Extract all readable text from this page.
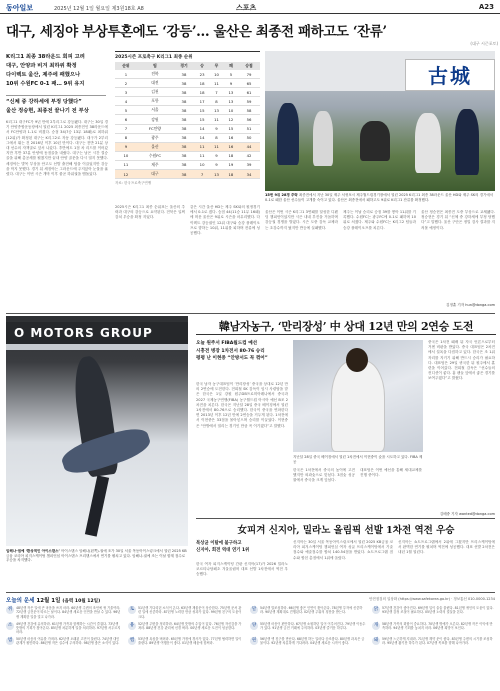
동아일보	2025년 12월 1일 월요일 제3원18호 A8	스포츠	A23
대구, 세징야 부상투혼에도 ‘강등’… 울산은 최종전 패하고도 ‘잔류’
(대구 시즌포토)
K리그1 최종 38라운드 회피 고려
대구, 안양과 비겨 최하위 확정
다이렉트 울산, 제주에 패했으나
10위 수원FC 0-1 패… 9위 유지
“신체 중 강하세에 부정 당했다”
울산 정승현, 최종전 끝나기 전 부상
K리그1 대구FC가 9년 만에 2부리그로 강등됐다. 대구는 30일 경기 안양종합운동장에서 열린 K리그1 2025 최종전인 38라운드에서 FC안양과 1-1로 비겼다. 승점 34(7승 13무 18패)로 최하위(12위)가 확정된 대구는 K리그2로 자동 강등됐다. 대구가 2부리그에서 뛰는 건 2016년 이후 10년 만이다. 대구는 전반 21분 상대 선수의 자책골로 앞서 나갔다. 후반에도 1점 차 리드를 이어갔지만 후반 37분 안양에 동점골을 내줬다. 대구는 남은 시간 결승골을 위해 총공세를 펼쳤지만 끝내 안양 골문을 다시 열지 못했다. 세징야는 발목 부상을 안고도 선발 출전해 팀을 이끌었지만 강등을 막지 못했다. 경기 뒤 세징야는 그라운드에 주저앉아 눈물을 흘렸다. 대구는 이번 시즌 개막 이후 줄곧 하위권을 맴돌았다.
2025시즌 프로축구 K리그1 최종 순위
순위	팀	경기	승	무	패	승점
1	전북	38	23	10	5	79
2	대전	38	18	11	9	65
3	김천	38	18	7	13	61
4	포항	38	17	8	13	59
5	서울	38	15	13	10	58
6	강원	38	15	11	12	56
7	FC안양	38	14	9	15	51
8	광주	38	14	8	16	50
9	울산	38	11	11	16	44
10	수원FC	38	11	9	18	42
11	제주	38	10	9	19	39
12	대구	38	7	13	18	34
자료: 한국프로축구연맹
2025시즌 K리그1 최종 순위표는 울산의 추락과 대구의 강등으로 요약된다. 전북은 일찌감치 우승을 확정 지었다.
같은 시간 울산 HD는 제주 SK와의 원정경기에서 0-1로 졌다. 승점 44(11승 11무 16패)에 머문 울산은 9위로 시즌을 마무리했다. 다이렉트 강등권인 12위 대구와 승강 플레이오프로 향하는 10위, 11위를 피하며 잔류에 성공했다.
古城
15번 9위 28경 추락 최종전에서 지난 30일 제주 서귀포시 제주월드컵경기장에서 열린 2025 K리그1 최종 38라운드 울산 HD와 제주 SK의 경기에서 0-1로 패한 울산 선수들이 고개를 숙이고 있다. 울산은 최종전에서 패하고도 9위로 K리그1 잔류를 확정했다.
울산은 이번 시즌 K리그1 3연패를 달성한 디펜딩 챔피언이었지만 시즌 내내 부진을 거듭하며 강등권 경쟁을 벌였다. 시즌 도중 감독 교체라는 초강수까지 뒀지만 반등에 실패했다.
제주는 이날 승리로 승점 39를 쌓아 11위를 기록했다. 수원FC는 광주FC에 0-1로 패하며 10위로 처졌다. 제주와 수원FC는 K리그2 팀들과 승강 플레이오프를 치른다.
울산 정승현은 최종전 도중 부상으로 교체됐다. 정승현은 경기 뒤 “신체 중 강하세에 부정 당했다”고 말했다. 울산 구단은 정밀 검사 결과를 지켜볼 예정이다.
김정훈 기자 hun@donga.com
O MOTORS GROUP
임해나-권예 ‘환상적인 아이스댄스’ 아이스댄스 임해나(왼쪽)-권예 조가 30일 서울 목동아이스링크에서 열린 2025 KB금융 코리아 피겨스케이팅 챔피언십 아이스댄스 프리댄스에서 연기를 펼치고 있다. 임해나-권예 조는 이날 합계 점수로 우승을 차지했다.
韓남자농구, ‘만리장성’ 中 상대 12년 만의 2연승 도전
오늘 원주서 FIBA월드컵 예선
시흥전 병장 1차전서 80-76 승리
평평 난 이현중 “안방서도 꼭 꺾어”
한국 남자 농구대표팀이 ‘만리장성’ 중국을 상대로 12년 만의 2연승에 도전한다. 전희철 SK 감독이 임시 사령탑을 맡은 한국은 1일 강원 원주DB프로미아레나에서 중국과 2027 국제농구연맹(FIBA) 농구월드컵 아시아 예선 B조 2차전을 치른다. 한국은 지난달 28일 중국 베이징에서 열린 1차전에서 80-76으로 승리했다. 한국이 중국을 연파한다면 2013년 이후 12년 만에 2연승을 거두게 된다. 1차전에서 이현중은 33점을 몰아넣으며 승리를 이끌었다. 이현중은 “안방에서 열리는 경기인 만큼 꼭 이기겠다”고 말했다.
지난달 28일 중국 베이징에서 열린 1차전에서 이현중이 슛을 시도하고 있다. FIBA 제공
중국은 1차전 패배 뒤 자국 언론으로부터 거센 비판을 받았다. 중국 대표팀은 2차전에서 설욕을 다짐하고 있다. 한국은 조 1위 자리를 지키기 위해 반드시 승리가 필요하다. 대표팀은 29일 귀국한 뒤 원주에서 훈련을 이어갔다. 전희철 감독은 “선수들의 컨디션이 좋다. 홈 팬들 앞에서 좋은 경기를 보여주겠다”고 밝혔다.
한국은 1차전에서 중국의 높이에 고전했지만 외곽슛으로 맞섰다. 3점슛 성공률에서 중국을 크게 앞섰다.
대표팀은 이번 예선을 통해 세대교체를 진행 중이다.
김배중 기자 wanted@donga.com
女피겨 신지아, 밀라노 올림픽 선발 1차전 역전 우승
북상균 이탈에 불구하고
신지아, 회전 역대 연기 1위
한국 여자 피겨스케이팅 간판 신지아(17)가 2026 밀라노 코르티나담페초 겨울올림픽 대표 선발 1차전에서 역전 우승했다.
신지아는 30일 서울 목동아이스링크에서 열린 2025 KB금융 코리아 피겨스케이팅 챔피언십 여자 싱글 프리스케이팅에서 기술점수와 예술점수를 합쳐 140.54점을 받았다. 쇼트프로그램 점수와 합친 총점에서 1위에 올랐다.
신지아는 쇼트프로그램에서 2위에 그쳤지만 프리스케이팅에서 완벽한 연기를 펼치며 역전에 성공했다. 대표 선발 2차전은 내년 1월 열린다.
오늘의 운세 12월 1일 (음력 10월 12일)	안전점검의 일상화 (https://www.safekorea.go.kr) · 정보통신 010-0000-1234
쥐	48년생 작은 일에 큰 마음을 쓰지 마라. 60년생 주변의 조언에 귀 기울여라. 72년생 금전운이 따르는 날이다. 84년생 새로운 인연을 만날 수 있다. 96년생 계획한 일을 밀고 나가라.
소	49년생 건강에 유의하라. 61년생 가족과 함께하는 시간이 즐겁다. 73년생 뜻밖의 기회가 찾아온다. 85년생 차분하게 일을 처리하라. 97년생 서두르지 마라.
범	50년생 마음의 여유를 가져라. 62년생 오래된 고민이 풀린다. 74년생 대인관계가 원만하다. 86년생 작은 실수에 주의하라. 98년생 좋은 소식이 있다.
토	51년생 기다리던 소식이 온다. 63년생 재물운이 상승한다. 75년생 문서 관련 일에 신중하라. 87년생 노력한 만큼 성과가 있다. 99년생 친구의 도움이 크다.
용	52년생 주변을 정리하라. 64년생 뜻밖의 수입이 있다. 76년생 자신감을 가져라. 88년생 건강 관리에 신경 써라. 00년생 새로운 도전이 성공한다.
뱀	53년생 욕심을 버려라. 65년생 가정에 경사가 있다. 77년생 협력하면 일이 풀린다. 89년생 여행운이 좋다. 01년생 배움에 힘써라.
말	54년생 말조심하라. 66년생 좋은 인연이 찾아온다. 78년생 투자에 신중하라. 90년생 계획대로 진행된다. 02년생 주위의 칭찬을 받는다.
양	55년생 마음이 편안하다. 67년생 소원하던 일이 이루어진다. 79년생 이동수가 있다. 91년생 금전 거래에 주의하라. 03년생 즐거운 하루다.
원	56년생 옛 친구를 만난다. 68년생 하는 일마다 순조롭다. 80년생 과욕은 금물이다. 92년생 차분하게 기다려라. 04년생 새로운 시작이 좋다.
닭	57년생 건강이 좋아진다. 69년생 일이 술술 풀린다. 81년생 귀인의 도움이 있다. 93년생 감정 조절이 필요하다. 05년생 노력의 결실을 본다.
개	58년생 가족의 화합이 중요하다. 70년생 명예가 오른다. 82년생 작은 이익에 만족하라. 94년생 기회를 놓치지 마라. 06년생 희망이 보인다.
돼	59년생 느긋하게 지내라. 71년생 계약 운이 좋다. 83년생 주변의 시기를 조심하라. 95년생 활기찬 하루가 된다. 07년생 목표를 향해 나아가라.
